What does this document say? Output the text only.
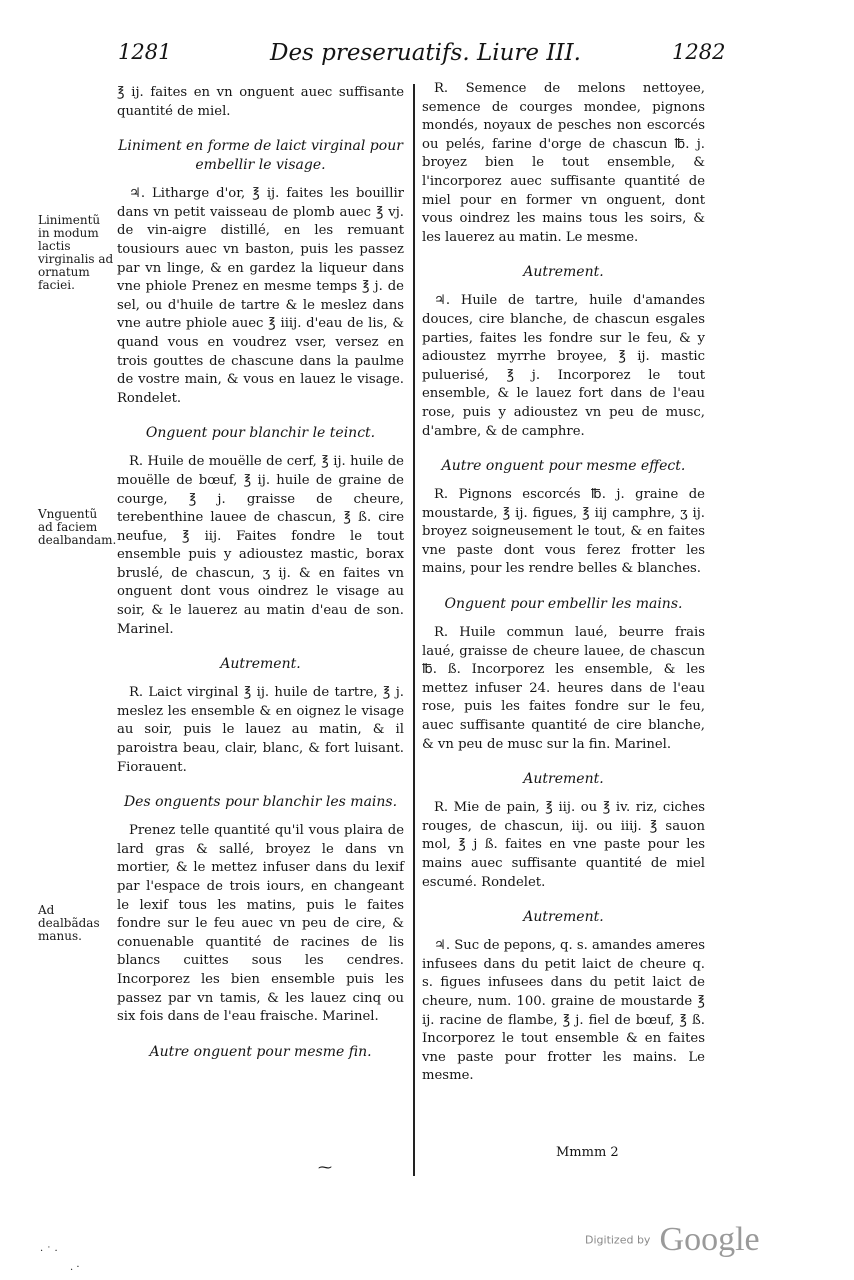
1281	Des preseruatifs. Liure III.	1282

℥ ij. faites en vn onguent auec suffisante quantité de miel.

Liniment en forme de laict virginal pour embellir le visage.

♃. Litharge d'or, ℥ ij. faites les bouillir dans vn petit vaisseau de plomb auec ℥ vj. de vin-aigre distillé, en les remuant tousiours auec vn baston, puis les passez par vn linge, & en gardez la liqueur dans vne phiole Prenez en mesme temps ℥ j. de sel, ou d'huile de tartre & le meslez dans vne autre phiole auec ℥ iiij. d'eau de lis, & quand vous en voudrez vser, versez en trois gouttes de chascune dans la paulme de vostre main, & vous en lauez le visage. Rondelet.

Onguent pour blanchir le teinct.

R. Huile de mouëlle de cerf, ℥ ij. huile de mouëlle de bœuf, ℥ ij. huile de graine de courge, ℥ j. graisse de cheure, terebenthine lauee de chascun, ℥ ß. cire neufue, ℥ iij. Faites fondre le tout ensemble puis y adioustez mastic, borax bruslé, de chascun, ʒ ij. & en faites vn onguent dont vous oindrez le visage au soir, & le lauerez au matin d'eau de son. Marinel.

Autrement.

R. Laict virginal ℥ ij. huile de tartre, ℥ j. meslez les ensemble & en oignez le visage au soir, puis le lauez au matin, & il paroistra beau, clair, blanc, & fort luisant. Fiorauent.

Des onguents pour blanchir les mains.

Prenez telle quantité qu'il vous plaira de lard gras & sallé, broyez le dans vn mortier, & le mettez infuser dans du lexif par l'espace de trois iours, en changeant le lexif tous les matins, puis le faites fondre sur le feu auec vn peu de cire, & conuenable quantité de racines de lis blancs cuittes sous les cendres. Incorporez les bien ensemble puis les passez par vn tamis, & les lauez cinq ou six fois dans de l'eau fraische. Marinel.

Autre onguent pour mesme fin.

Linimentũ in modum lactis virginalis ad ornatum faciei.
Vnguentũ ad faciem dealbandam.
Ad dealbãdas manus.

R. Semence de melons nettoyee, semence de courges mondee, pignons mondés, noyaux de pesches non escorcés ou pelés, farine d'orge de chascun ℔. j. broyez bien le tout ensemble, & l'incorporez auec suffisante quantité de miel pour en former vn onguent, dont vous oindrez les mains tous les soirs, & les lauerez au matin. Le mesme.

Autrement.

♃. Huile de tartre, huile d'amandes douces, cire blanche, de chascun esgales parties, faites les fondre sur le feu, & y adioustez myrrhe broyee, ℥ ij. mastic puluerisé, ℥ j. Incorporez le tout ensemble, & le lauez fort dans de l'eau rose, puis y adioustez vn peu de musc, d'ambre, & de camphre.

Autre onguent pour mesme effect.

R. Pignons escorcés ℔. j. graine de moustarde, ℥ ij. figues, ℥ iij camphre, ʒ ij. broyez soigneusement le tout, & en faites vne paste dont vous ferez frotter les mains, pour les rendre belles & blanches.

Onguent pour embellir les mains.

R. Huile commun laué, beurre frais laué, graisse de cheure lauee, de chascun ℔. ß. Incorporez les ensemble, & les mettez infuser 24. heures dans de l'eau rose, puis les faites fondre sur le feu, auec suffisante quantité de cire blanche, & vn peu de musc sur la fin. Marinel.

Autrement.

R. Mie de pain, ℥ iij. ou ℥ iv. riz, ciches rouges, de chascun, iij. ou iiij. ℥ sauon mol, ℥ j ß. faites en vne paste pour les mains auec suffisante quantité de miel escumé. Rondelet.

Autrement.

♃. Suc de pepons, q. s. amandes ameres infusees dans du petit laict de cheure q. s. figues infusees dans du petit laict de cheure, num. 100. graine de moustarde ℥ ij. racine de flambe, ℥ j. fiel de bœuf, ℥ ß. Incorporez le tout ensemble & en faites vne paste pour frotter les mains. Le mesme.

Mmmm 2
⁓
· ˙ ·
. ·
Digitized by Google
